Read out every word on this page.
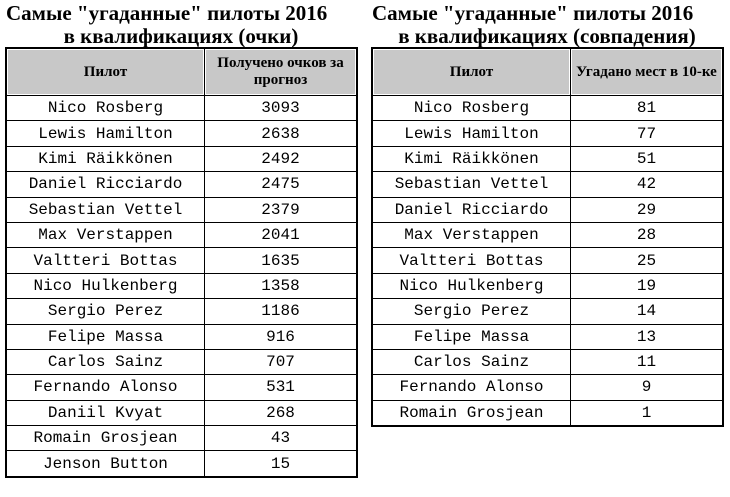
Самые "угаданные" пилоты 2016
в квалификациях (очки)
Пилот	Получено очков за прогноз
Nico Rosberg	3093
Lewis Hamilton	2638
Kimi Räikkönen	2492
Daniel Ricciardo	2475
Sebastian Vettel	2379
Max Verstappen	2041
Valtteri Bottas	1635
Nico Hulkenberg	1358
Sergio Perez	1186
Felipe Massa	916
Carlos Sainz	707
Fernando Alonso	531
Daniil Kvyat	268
Romain Grosjean	43
Jenson Button	15
Самые "угаданные" пилоты 2016
в квалификациях (совпадения)
Пилот	Угадано мест в 10-ке
Nico Rosberg	81
Lewis Hamilton	77
Kimi Räikkönen	51
Sebastian Vettel	42
Daniel Ricciardo	29
Max Verstappen	28
Valtteri Bottas	25
Nico Hulkenberg	19
Sergio Perez	14
Felipe Massa	13
Carlos Sainz	11
Fernando Alonso	9
Romain Grosjean	1
